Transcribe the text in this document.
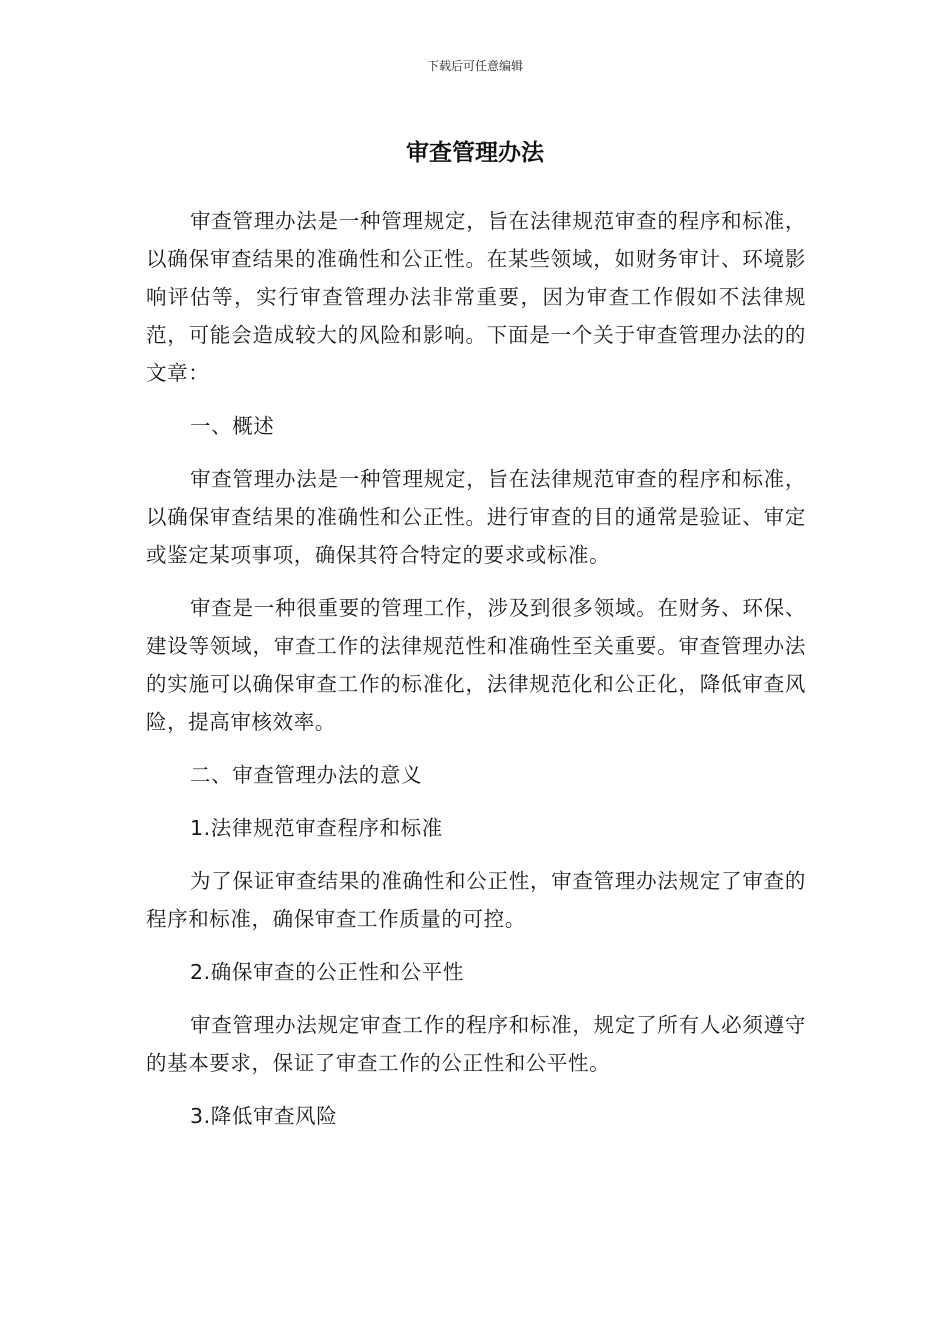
下载后可任意编辑
审查管理办法

审查管理办法是一种管理规定，旨在法律规范审查的程序和标准，以确保审查结果的准确性和公正性。在某些领域，如财务审计、环境影响评估等，实行审查管理办法非常重要，因为审查工作假如不法律规范，可能会造成较大的风险和影响。下面是一个关于审查管理办法的的文章：

一、概述

审查管理办法是一种管理规定，旨在法律规范审查的程序和标准，以确保审查结果的准确性和公正性。进行审查的目的通常是验证、审定或鉴定某项事项，确保其符合特定的要求或标准。

审查是一种很重要的管理工作，涉及到很多领域。在财务、环保、建设等领域，审查工作的法律规范性和准确性至关重要。审查管理办法的实施可以确保审查工作的标准化，法律规范化和公正化，降低审查风险，提高审核效率。

二、审查管理办法的意义

1.法律规范审查程序和标准

为了保证审查结果的准确性和公正性，审查管理办法规定了审查的程序和标准，确保审查工作质量的可控。

2.确保审查的公正性和公平性

审查管理办法规定审查工作的程序和标准，规定了所有人必须遵守的基本要求，保证了审查工作的公正性和公平性。

3.降低审查风险
